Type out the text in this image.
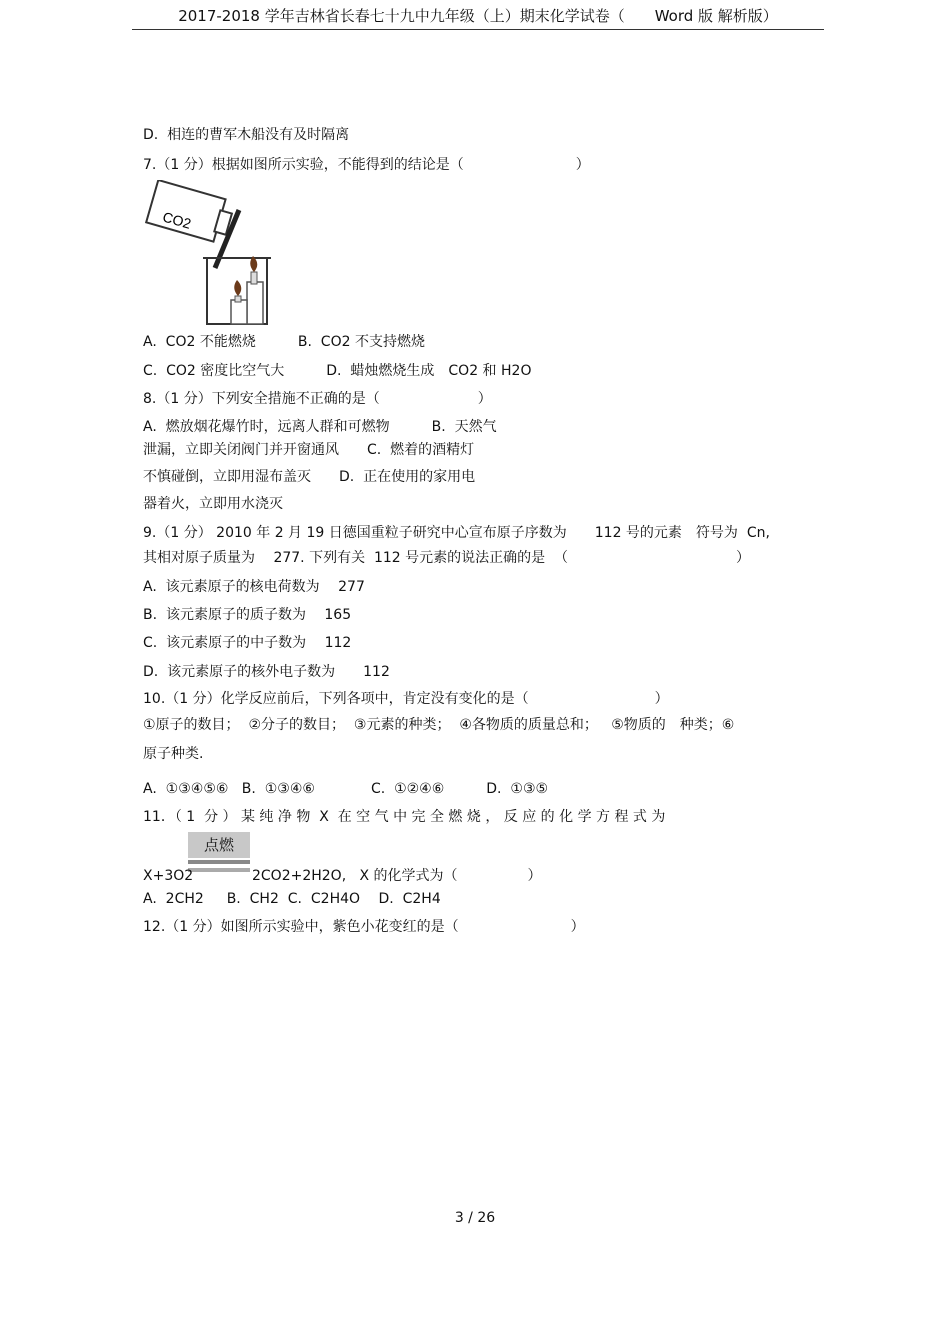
2017-2018 学年吉林省长春七十九中九年级（上）期末化学试卷（　　Word 版 解析版）
D.  相连的曹军木船没有及时隔离
7.（1 分）根据如图所示实验，不能得到的结论是（　　　　　　　　）
CO2
A.  CO2 不能燃烧　　　B.  CO2 不支持燃烧
C.  CO2 密度比空气大　　　D.  蜡烛燃烧生成　CO2 和 H2O
8.（1 分）下列安全措施不正确的是（　　　　　　　）
A.  燃放烟花爆竹时，远离人群和可燃物　　　B.  天然气
泄漏，立即关闭阀门并开窗通风　　C.  燃着的酒精灯
不慎碰倒，立即用湿布盖灭　　D.  正在使用的家用电
器着火，立即用水浇灭
9.（1 分） 2010 年 2 月 19 日德国重粒子研究中心宣布原子序数为　　112 号的元素　符号为  Cn,
其相对原子质量为　 277. 下列有关  112 号元素的说法正确的是  （　　　　　　　　　　　　）
A.  该元素原子的核电荷数为　 277
B.  该元素原子的质子数为　 165
C.  该元素原子的中子数为　 112
D.  该元素原子的核外电子数为　　112
10.（1 分）化学反应前后，下列各项中，肯定没有变化的是（　　　　　　　　　）
①原子的数目；  ②分子的数目；  ③元素的种类；  ④各物质的质量总和；   ⑤物质的　种类；⑥
原子种类.
A.  ①③④⑤⑥   B.  ①③④⑥　　　　C.  ①②④⑥　　　D.  ①③⑤
11．（ 1  分 ） 某 纯 净 物  X  在 空 气 中 完 全 燃 烧 ， 反 应 的 化 学 方 程 式 为
点燃
X+3O2	2CO2+2H2O,   X 的化学式为（　　　　　）
A.  2CH2　  B.  CH2  C.  C2H4O　 D.  C2H4
12.（1 分）如图所示实验中，紫色小花变红的是（　　　　　　　　）
3 / 26
